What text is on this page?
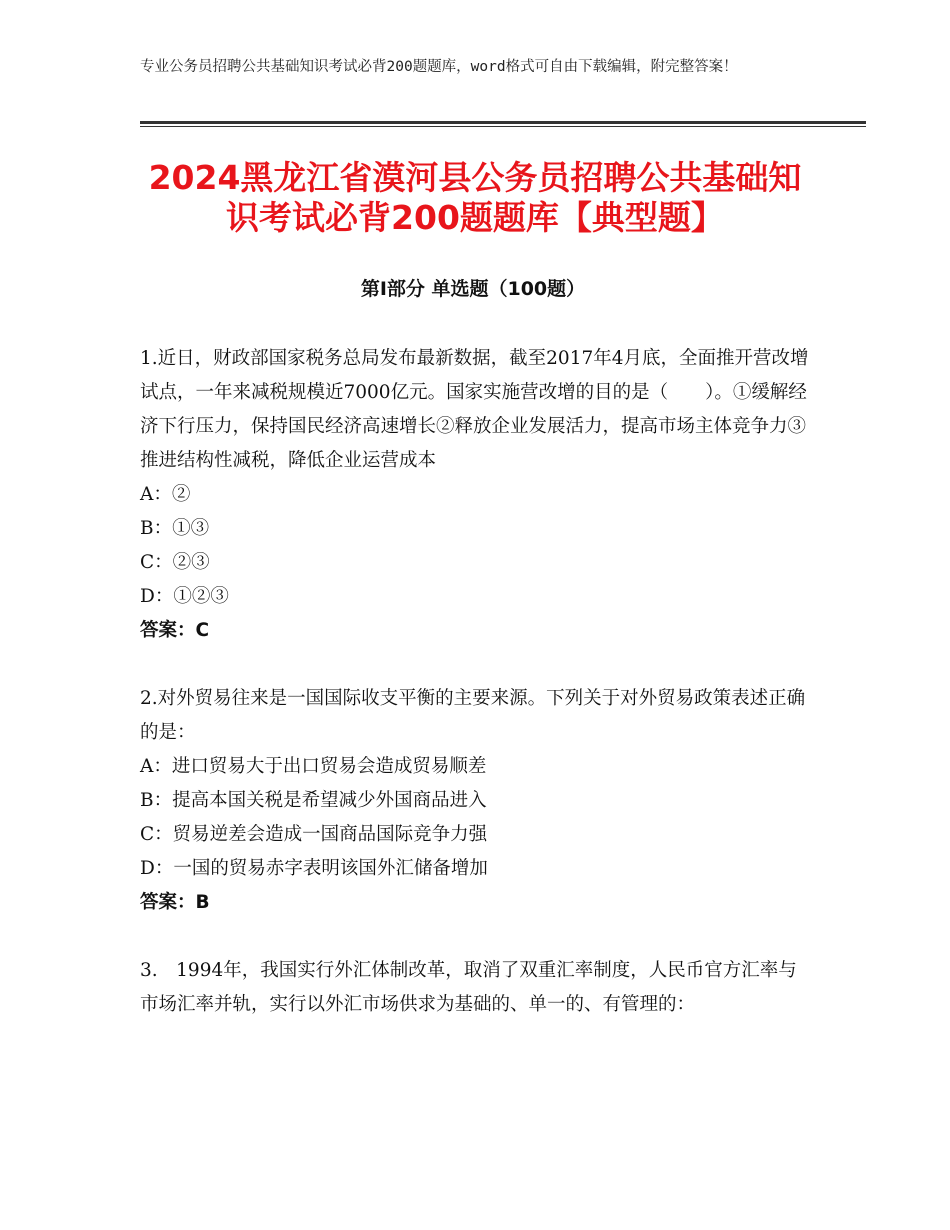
专业公务员招聘公共基础知识考试必背200题题库，word格式可自由下载编辑，附完整答案！
2024黑龙江省漠河县公务员招聘公共基础知
识考试必背200题题库【典型题】
第Ⅰ部分 单选题（100题）

1.近日，财政部国家税务总局发布最新数据，截至2017年4月底，全面推开营改增试点，一年来减税规模近7000亿元。国家实施营改增的目的是（　　）。①缓解经济下行压力，保持国民经济高速增长②释放企业发展活力，提高市场主体竞争力③推进结构性减税，降低企业运营成本

A：②

B：①③

C：②③

D：①②③

答案：C

2.对外贸易往来是一国国际收支平衡的主要来源。下列关于对外贸易政策表述正确的是：

A：进口贸易大于出口贸易会造成贸易顺差

B：提高本国关税是希望减少外国商品进入

C：贸易逆差会造成一国商品国际竞争力强

D：一国的贸易赤字表明该国外汇储备增加

答案：B

3.　1994年，我国实行外汇体制改革，取消了双重汇率制度，人民币官方汇率与市场汇率并轨，实行以外汇市场供求为基础的、单一的、有管理的：
